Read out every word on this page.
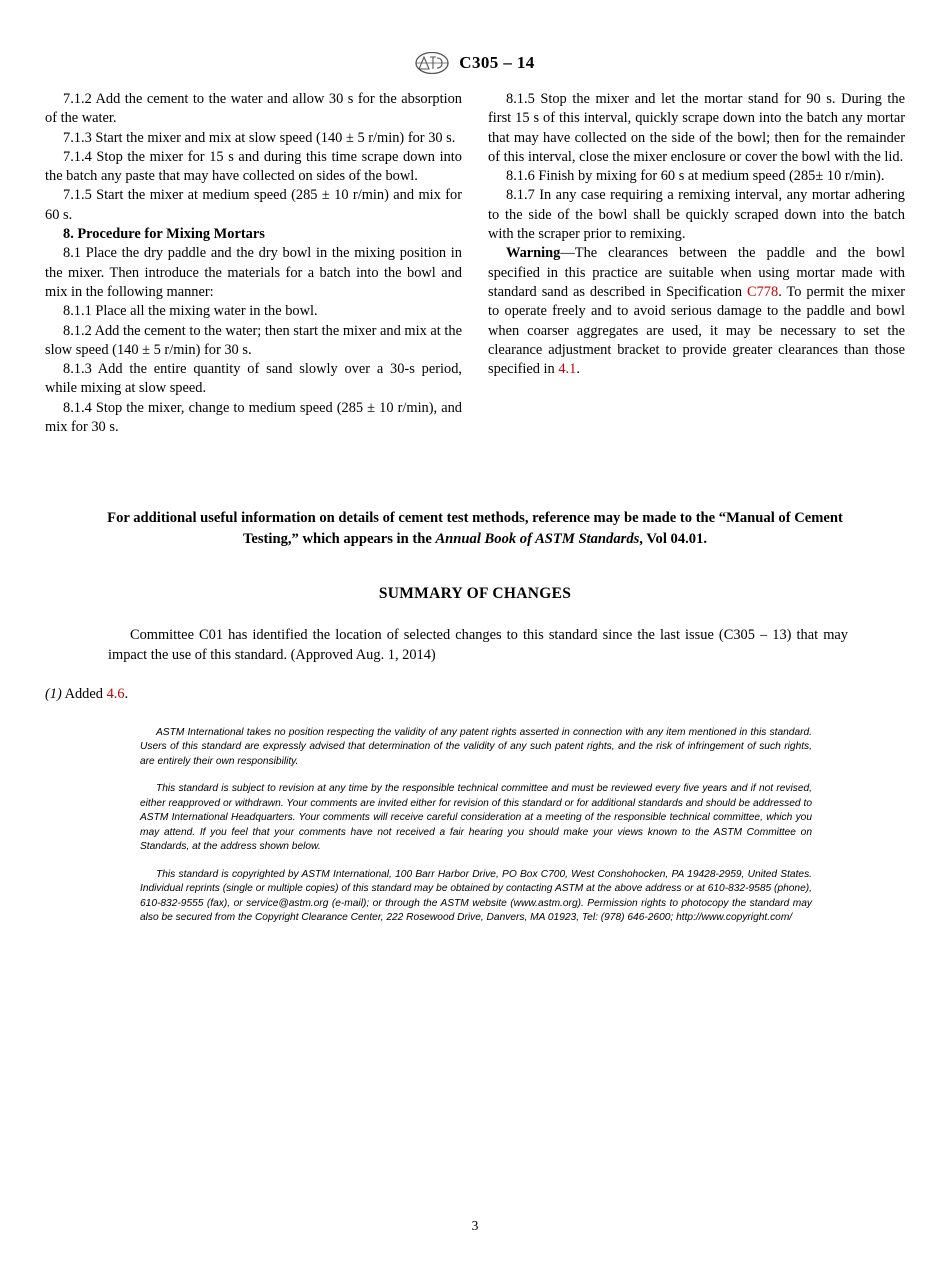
C305 – 14

7.1.2 Add the cement to the water and allow 30 s for the absorption of the water.

7.1.3 Start the mixer and mix at slow speed (140 ± 5 r/min) for 30 s.

7.1.4 Stop the mixer for 15 s and during this time scrape down into the batch any paste that may have collected on sides of the bowl.

7.1.5 Start the mixer at medium speed (285 ± 10 r/min) and mix for 60 s.

8. Procedure for Mixing Mortars

8.1 Place the dry paddle and the dry bowl in the mixing position in the mixer. Then introduce the materials for a batch into the bowl and mix in the following manner:

8.1.1 Place all the mixing water in the bowl.

8.1.2 Add the cement to the water; then start the mixer and mix at the slow speed (140 ± 5 r/min) for 30 s.

8.1.3 Add the entire quantity of sand slowly over a 30-s period, while mixing at slow speed.

8.1.4 Stop the mixer, change to medium speed (285 ± 10 r/min), and mix for 30 s.

8.1.5 Stop the mixer and let the mortar stand for 90 s. During the first 15 s of this interval, quickly scrape down into the batch any mortar that may have collected on the side of the bowl; then for the remainder of this interval, close the mixer enclosure or cover the bowl with the lid.

8.1.6 Finish by mixing for 60 s at medium speed (285± 10 r/min).

8.1.7 In any case requiring a remixing interval, any mortar adhering to the side of the bowl shall be quickly scraped down into the batch with the scraper prior to remixing.

Warning—The clearances between the paddle and the bowl specified in this practice are suitable when using mortar made with standard sand as described in Specification C778. To permit the mixer to operate freely and to avoid serious damage to the paddle and bowl when coarser aggregates are used, it may be necessary to set the clearance adjustment bracket to provide greater clearances than those specified in 4.1.

For additional useful information on details of cement test methods, reference may be made to the “Manual of Cement
Testing,” which appears in the Annual Book of ASTM Standards, Vol 04.01.
SUMMARY OF CHANGES

Committee C01 has identified the location of selected changes to this standard since the last issue (C305 – 13) that may impact the use of this standard. (Approved Aug. 1, 2014)

(1) Added 4.6.

ASTM International takes no position respecting the validity of any patent rights asserted in connection with any item mentioned in this standard. Users of this standard are expressly advised that determination of the validity of any such patent rights, and the risk of infringement of such rights, are entirely their own responsibility.

This standard is subject to revision at any time by the responsible technical committee and must be reviewed every five years and if not revised, either reapproved or withdrawn. Your comments are invited either for revision of this standard or for additional standards and should be addressed to ASTM International Headquarters. Your comments will receive careful consideration at a meeting of the responsible technical committee, which you may attend. If you feel that your comments have not received a fair hearing you should make your views known to the ASTM Committee on Standards, at the address shown below.

This standard is copyrighted by ASTM International, 100 Barr Harbor Drive, PO Box C700, West Conshohocken, PA 19428-2959, United States. Individual reprints (single or multiple copies) of this standard may be obtained by contacting ASTM at the above address or at 610-832-9585 (phone), 610-832-9555 (fax), or service@astm.org (e-mail); or through the ASTM website (www.astm.org). Permission rights to photocopy the standard may also be secured from the Copyright Clearance Center, 222 Rosewood Drive, Danvers, MA 01923, Tel: (978) 646-2600; http://www.copyright.com/

3
